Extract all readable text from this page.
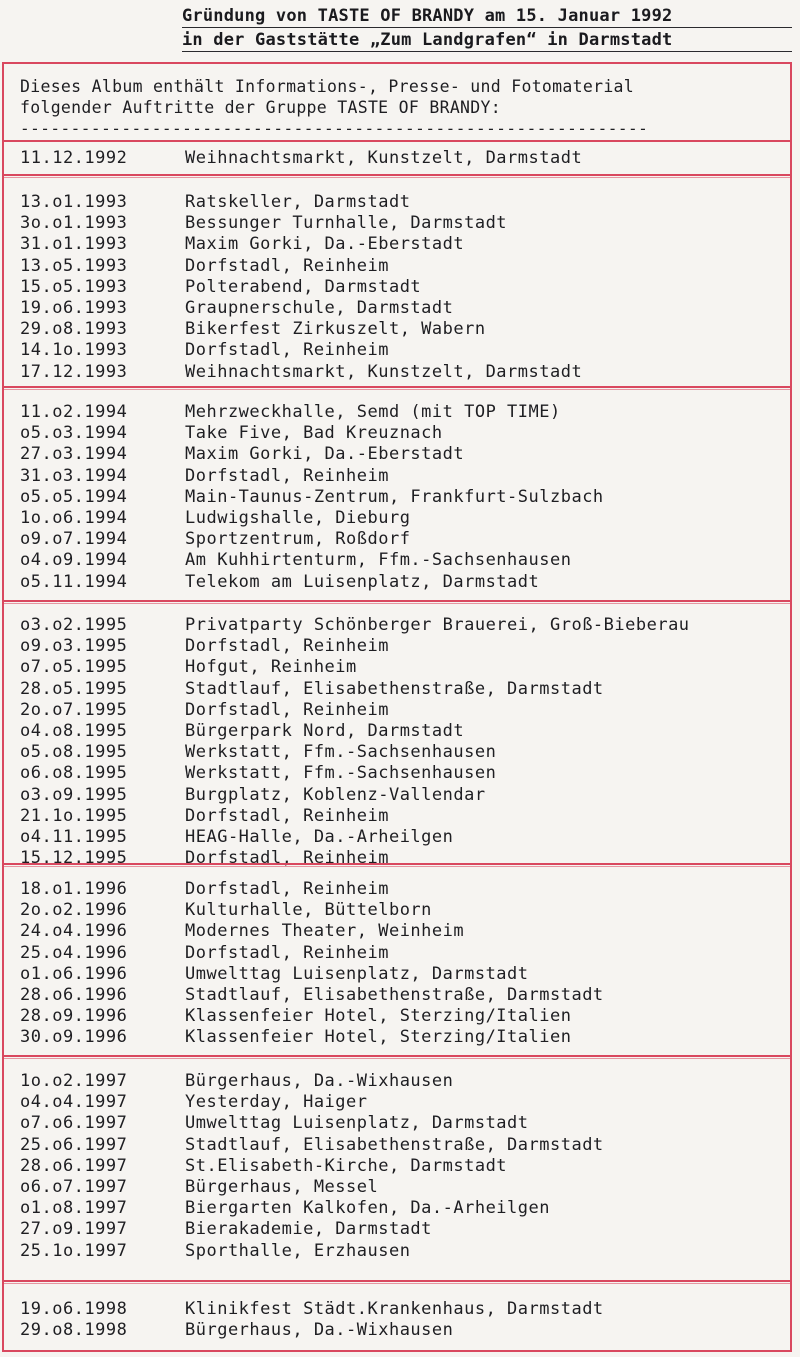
Gründung von TASTE OF BRANDY am 15. Januar 1992
in der Gaststätte „Zum Landgrafen“ in Darmstadt
Dieses Album enthält Informations-, Presse- und Fotomaterial
folgender Auftritte der Gruppe TASTE OF BRANDY:
--------------------------------------------------------------
11.12.1992	Weihnachtsmarkt, Kunstzelt, Darmstadt
13.o1.1993	Ratskeller, Darmstadt
3o.o1.1993	Bessunger Turnhalle, Darmstadt
31.o1.1993	Maxim Gorki, Da.-Eberstadt
13.o5.1993	Dorfstadl, Reinheim
15.o5.1993	Polterabend, Darmstadt
19.o6.1993	Graupnerschule, Darmstadt
29.o8.1993	Bikerfest Zirkuszelt, Wabern
14.1o.1993	Dorfstadl, Reinheim
17.12.1993	Weihnachtsmarkt, Kunstzelt, Darmstadt
11.o2.1994	Mehrzweckhalle, Semd (mit TOP TIME)
o5.o3.1994	Take Five, Bad Kreuznach
27.o3.1994	Maxim Gorki, Da.-Eberstadt
31.o3.1994	Dorfstadl, Reinheim
o5.o5.1994	Main-Taunus-Zentrum, Frankfurt-Sulzbach
1o.o6.1994	Ludwigshalle, Dieburg
o9.o7.1994	Sportzentrum, Roßdorf
o4.o9.1994	Am Kuhhirtenturm, Ffm.-Sachsenhausen
o5.11.1994	Telekom am Luisenplatz, Darmstadt
o3.o2.1995	Privatparty Schönberger Brauerei, Groß-Bieberau
o9.o3.1995	Dorfstadl, Reinheim
o7.o5.1995	Hofgut, Reinheim
28.o5.1995	Stadtlauf, Elisabethenstraße, Darmstadt
2o.o7.1995	Dorfstadl, Reinheim
o4.o8.1995	Bürgerpark Nord, Darmstadt
o5.o8.1995	Werkstatt, Ffm.-Sachsenhausen
o6.o8.1995	Werkstatt, Ffm.-Sachsenhausen
o3.o9.1995	Burgplatz, Koblenz-Vallendar
21.1o.1995	Dorfstadl, Reinheim
o4.11.1995	HEAG-Halle, Da.-Arheilgen
15.12.1995	Dorfstadl, Reinheim
18.o1.1996	Dorfstadl, Reinheim
2o.o2.1996	Kulturhalle, Büttelborn
24.o4.1996	Modernes Theater, Weinheim
25.o4.1996	Dorfstadl, Reinheim
o1.o6.1996	Umwelttag Luisenplatz, Darmstadt
28.o6.1996	Stadtlauf, Elisabethenstraße, Darmstadt
28.o9.1996	Klassenfeier Hotel, Sterzing/Italien
30.o9.1996	Klassenfeier Hotel, Sterzing/Italien
1o.o2.1997	Bürgerhaus, Da.-Wixhausen
o4.o4.1997	Yesterday, Haiger
o7.o6.1997	Umwelttag Luisenplatz, Darmstadt
25.o6.1997	Stadtlauf, Elisabethenstraße, Darmstadt
28.o6.1997	St.Elisabeth-Kirche, Darmstadt
o6.o7.1997	Bürgerhaus, Messel
o1.o8.1997	Biergarten Kalkofen, Da.-Arheilgen
27.o9.1997	Bierakademie, Darmstadt
25.1o.1997	Sporthalle, Erzhausen
19.o6.1998	Klinikfest Städt.Krankenhaus, Darmstadt
29.o8.1998	Bürgerhaus, Da.-Wixhausen
